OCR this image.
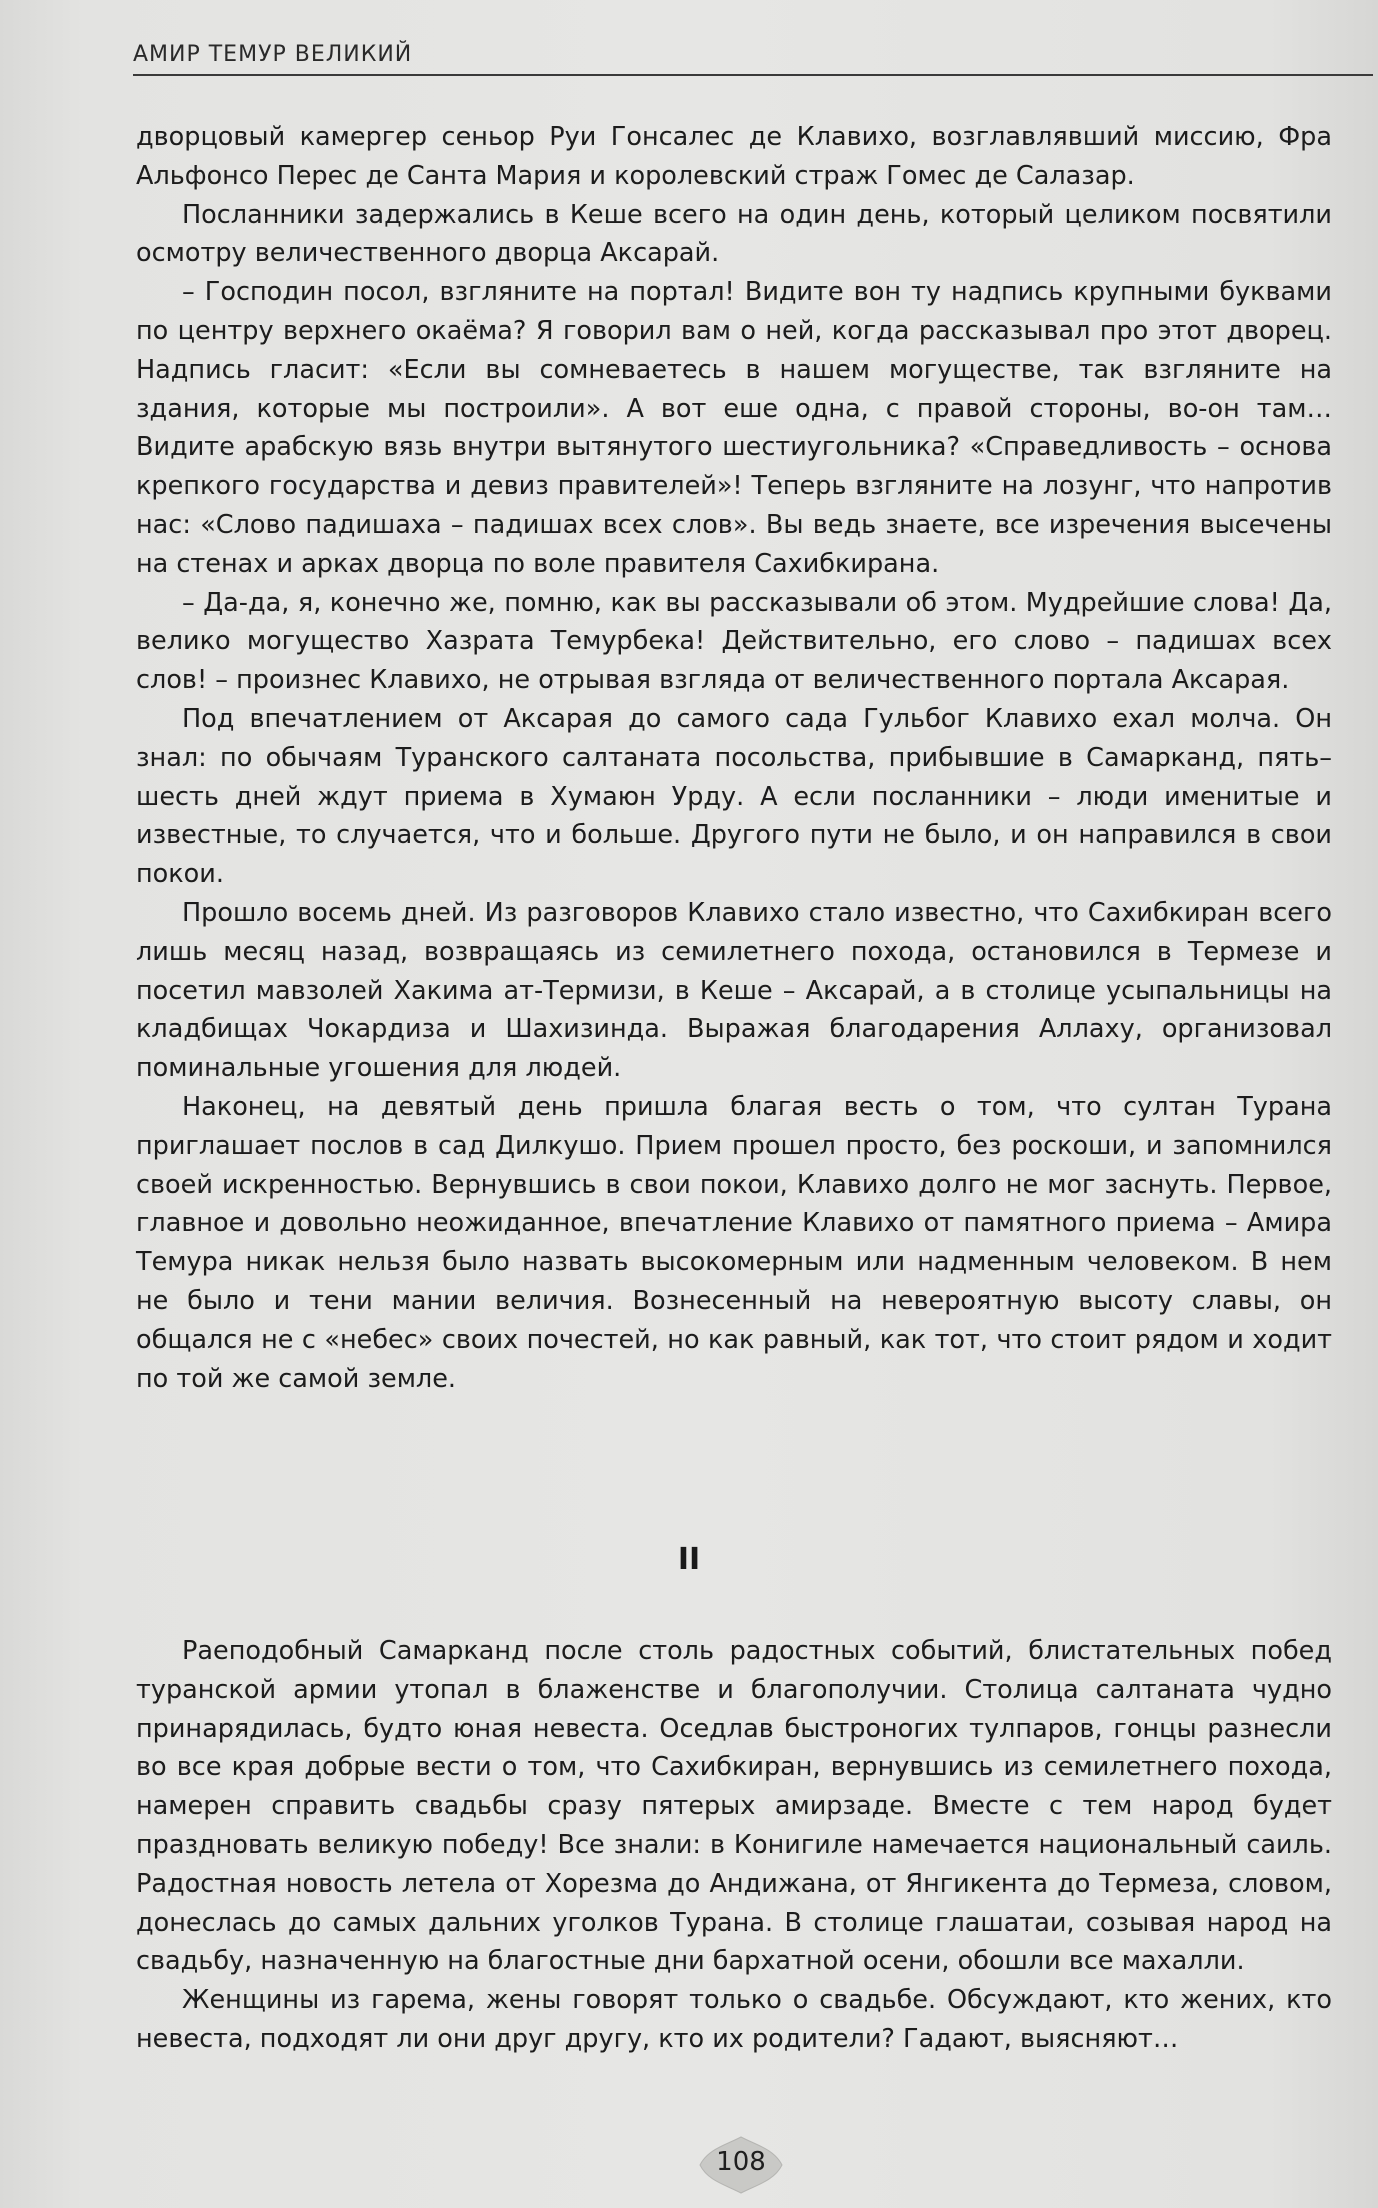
АМИР ТЕМУР ВЕЛИКИЙ

дворцовый камергер сеньор Руи Гонсалес де Клавихо, возглавлявший миссию, Фра Альфонсо Перес де Санта Мария и королевский страж Гомес де Салазар.

Посланники задержались в Кеше всего на один день, который целиком посвятили осмотру величественного дворца Аксарай.

– Господин посол, взгляните на портал! Видите вон ту надпись крупными буквами по центру верхнего окаёма? Я говорил вам о ней, когда рассказывал про этот дворец. Надпись гласит: «Если вы сомневаетесь в нашем могуществе, так взгляните на здания, которые мы построили». А вот еше одна, с правой стороны, во-он там… Видите арабскую вязь внутри вытянутого шестиугольника? «Справедливость – основа крепкого государства и девиз правителей»! Теперь взгляните на лозунг, что напротив нас: «Слово падишаха – падишах всех слов». Вы ведь знаете, все изречения высечены на стенах и арках дворца по воле правителя Сахибкирана.

– Да-да, я, конечно же, помню, как вы рассказывали об этом. Мудрейшие слова! Да, велико могущество Хазрата Темурбека! Действительно, его слово – падишах всех слов! – произнес Клавихо, не отрывая взгляда от величественного портала Аксарая.

Под впечатлением от Аксарая до самого сада Гульбог Клавихо ехал молча. Он знал: по обычаям Туранского салтаната посольства, прибывшие в Самарканд, пять–шесть дней ждут приема в Хумаюн Урду. А если посланники – люди именитые и известные, то случается, что и больше. Другого пути не было, и он направился в свои покои.

Прошло восемь дней. Из разговоров Клавихо стало известно, что Сахибкиран всего лишь месяц назад, возвращаясь из семилетнего похода, остановился в Термезе и посетил мавзолей Хакима ат-Термизи, в Кеше – Аксарай, а в столице усыпальницы на кладбищах Чокардиза и Шахизинда. Выражая благодарения Аллаху, организовал поминальные угошения для людей.

Наконец, на девятый день пришла благая весть о том, что султан Турана приглашает послов в сад Дилкушо. Прием прошел просто, без роскоши, и запомнился своей искренностью. Вернувшись в свои покои, Клавихо долго не мог заснуть. Первое, главное и довольно неожиданное, впечатление Клавихо от памятного приема – Амира Темура никак нельзя было назвать высокомерным или надменным человеком. В нем не было и тени мании величия. Вознесенный на невероятную высоту славы, он общался не с «небес» своих почестей, но как равный, как тот, что стоит рядом и ходит по той же самой земле.

II

Раеподобный Самарканд после столь радостных событий, блистательных побед туранской армии утопал в блаженстве и благополучии. Столица салтаната чудно принарядилась, будто юная невеста. Оседлав быстроногих тулпаров, гонцы разнесли во все края добрые вести о том, что Сахибкиран, вернувшись из семилетнего похода, намерен справить свадьбы сразу пятерых амирзаде. Вместе с тем народ будет праздновать великую победу! Все знали: в Конигиле намечается национальный саиль. Радостная новость летела от Хорезма до Андижана, от Янгикента до Термеза, словом, донеслась до самых дальних уголков Турана. В столице глашатаи, созывая народ на свадьбу, назначенную на благостные дни бархатной осени, обошли все махалли.

Женщины из гарема, жены говорят только о свадьбе. Обсуждают, кто жених, кто невеста, подходят ли они друг другу, кто их родители? Гадают, выясняют…

108
